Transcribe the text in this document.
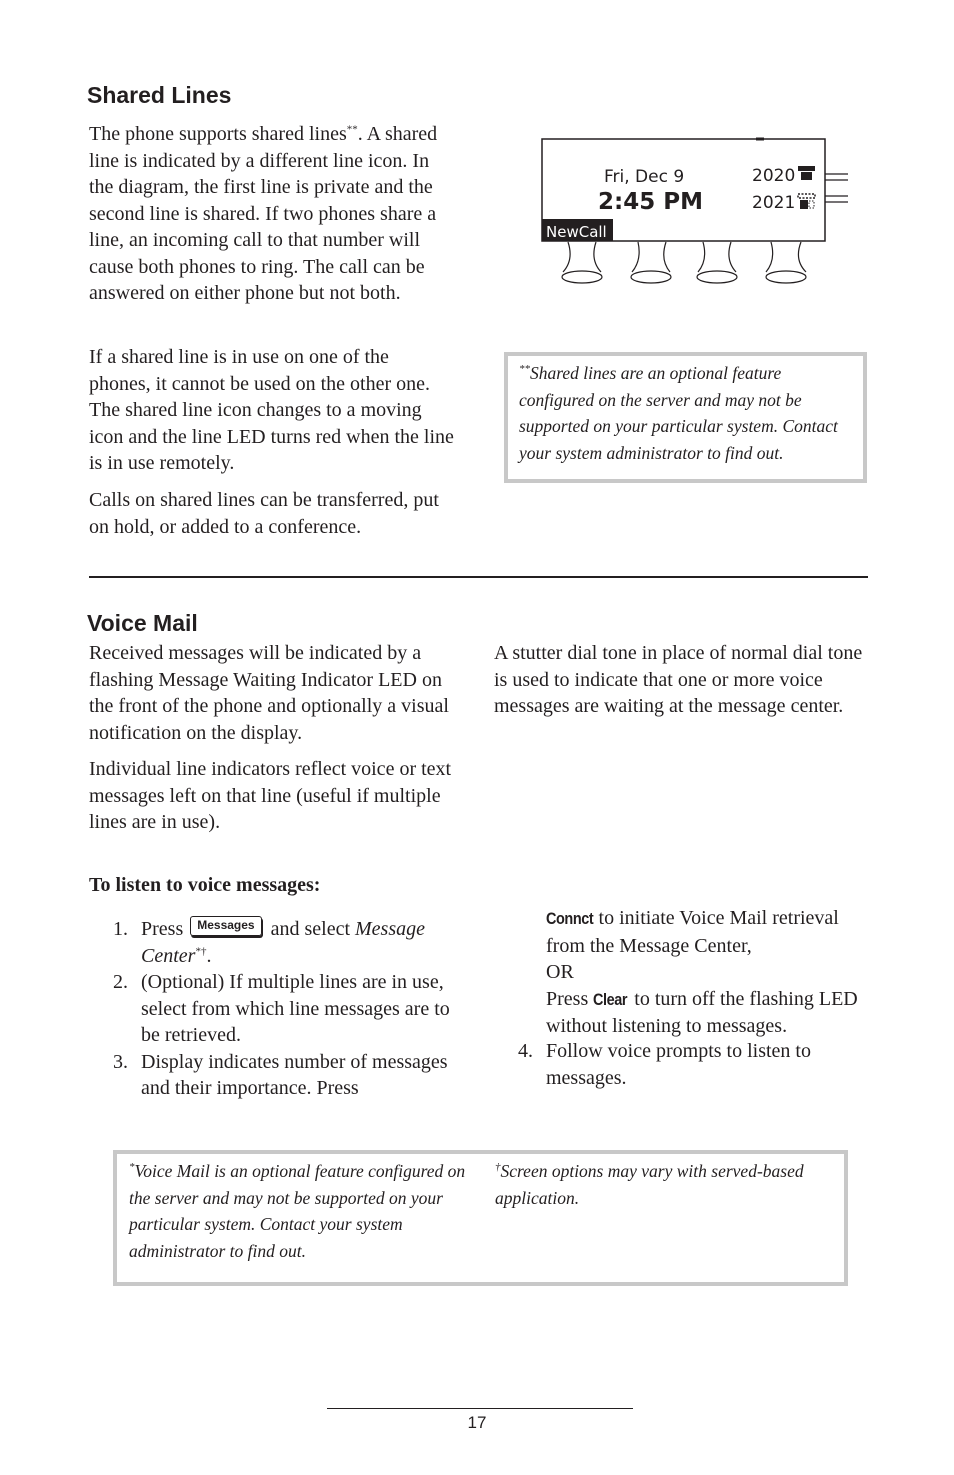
Shared Lines

The phone supports shared lines**. A shared line is indicated by a different line icon. In the diagram, the first line is private and the second line is shared. If two phones share a line, an incoming call to that number will cause both phones to ring. The call can be answered on either phone but not both.

If a shared line is in use on one of the phones, it cannot be used on the other one. The shared line icon changes to a moving icon and the line LED turns red when the line is in use remotely.

Calls on shared lines can be transferred, put on hold, or added to a conference.

Fri, Dec 9
2:45 PM
2020
2021
NewCall
**Shared lines are an optional feature configured on the server and may not be supported on your particular system. Contact your system administrator to find out.
Voice Mail

Received messages will be indicated by a flashing Message Waiting Indicator LED on the front of the phone and optionally a visual notification on the display.

Individual line indicators reflect voice or text messages left on that line (useful if multiple lines are in use).

A stutter dial tone in place of normal dial tone is used to indicate that one or more voice messages are waiting at the message center.

To listen to voice messages:

1. Press Messages and select Message Center*†.
2. (Optional) If multiple lines are in use, select from which line messages are to be retrieved.
3. Display indicates number of messages and their importance. Press
Connct to initiate Voice Mail retrieval from the Message Center,
OR
Press Clear to turn off the flashing LED without listening to messages.
4. Follow voice prompts to listen to messages.
*Voice Mail is an optional feature configured on the server and may not be supported on your particular system. Contact your system administrator to find out.
†Screen options may vary with served-based application.
17
